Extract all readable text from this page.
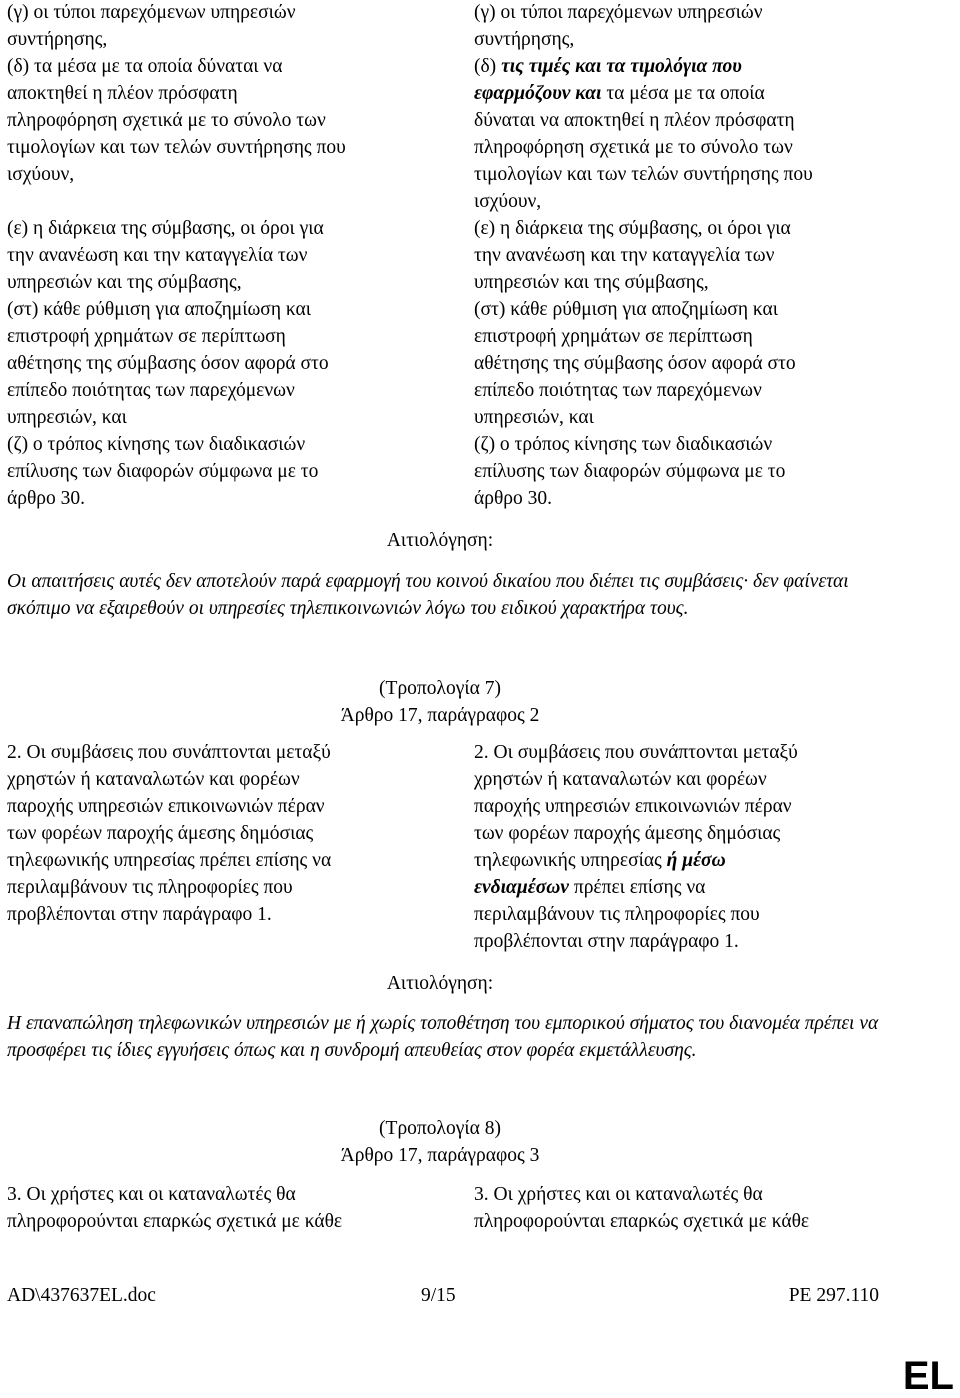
(γ) οι τύποι παρεχόμενων υπηρεσιών
συντήρησης,
(δ) τα μέσα με τα οποία δύναται να
αποκτηθεί η πλέον πρόσφατη
πληροφόρηση σχετικά με το σύνολο των
τιμολογίων και των τελών συντήρησης που
ισχύουν,

(ε) η διάρκεια της σύμβασης, οι όροι για
την ανανέωση και την καταγγελία των
υπηρεσιών και της σύμβασης,
(στ) κάθε ρύθμιση για αποζημίωση και
επιστροφή χρημάτων σε περίπτωση
αθέτησης της σύμβασης όσον αφορά στο
επίπεδο ποιότητας των παρεχόμενων
υπηρεσιών, και
(ζ) ο τρόπος κίνησης των διαδικασιών
επίλυσης των διαφορών σύμφωνα με το
άρθρο 30.

(γ) οι τύποι παρεχόμενων υπηρεσιών
συντήρησης,
(δ) τις τιμές και τα τιμολόγια που
εφαρμόζουν και τα μέσα με τα οποία
δύναται να αποκτηθεί η πλέον πρόσφατη
πληροφόρηση σχετικά με το σύνολο των
τιμολογίων και των τελών συντήρησης που
ισχύουν,
(ε) η διάρκεια της σύμβασης, οι όροι για
την ανανέωση και την καταγγελία των
υπηρεσιών και της σύμβασης,
(στ) κάθε ρύθμιση για αποζημίωση και
επιστροφή χρημάτων σε περίπτωση
αθέτησης της σύμβασης όσον αφορά στο
επίπεδο ποιότητας των παρεχόμενων
υπηρεσιών, και
(ζ) ο τρόπος κίνησης των διαδικασιών
επίλυσης των διαφορών σύμφωνα με το
άρθρο 30.

Αιτιολόγηση:

Οι απαιτήσεις αυτές δεν αποτελούν παρά εφαρμογή του κοινού δικαίου που διέπει τις συμβάσεις· δεν φαίνεται σκόπιμο να εξαιρεθούν οι υπηρεσίες τηλεπικοινωνιών λόγω του ειδικού χαρακτήρα τους.

(Τροπολογία 7)

Άρθρο 17, παράγραφος 2

2. Οι συμβάσεις που συνάπτονται μεταξύ
χρηστών ή καταναλωτών και φορέων
παροχής υπηρεσιών επικοινωνιών πέραν
των φορέων παροχής άμεσης δημόσιας
τηλεφωνικής υπηρεσίας πρέπει επίσης να
περιλαμβάνουν τις πληροφορίες που
προβλέπονται στην παράγραφο 1.

2. Οι συμβάσεις που συνάπτονται μεταξύ
χρηστών ή καταναλωτών και φορέων
παροχής υπηρεσιών επικοινωνιών πέραν
των φορέων παροχής άμεσης δημόσιας
τηλεφωνικής υπηρεσίας ή μέσω
ενδιαμέσων πρέπει επίσης να
περιλαμβάνουν τις πληροφορίες που
προβλέπονται στην παράγραφο 1.

Αιτιολόγηση:

Η επαναπώληση τηλεφωνικών υπηρεσιών με ή χωρίς τοποθέτηση του εμπορικού σήματος του διανομέα πρέπει να προσφέρει τις ίδιες εγγυήσεις όπως και η συνδρομή απευθείας στον φορέα εκμετάλλευσης.

(Τροπολογία 8)

Άρθρο 17, παράγραφος 3

3. Οι χρήστες και οι καταναλωτές θα
πληροφορούνται επαρκώς σχετικά με κάθε

3. Οι χρήστες και οι καταναλωτές θα
πληροφορούνται επαρκώς σχετικά με κάθε

AD\437637EL.doc	9/15	PE 297.110
EL
